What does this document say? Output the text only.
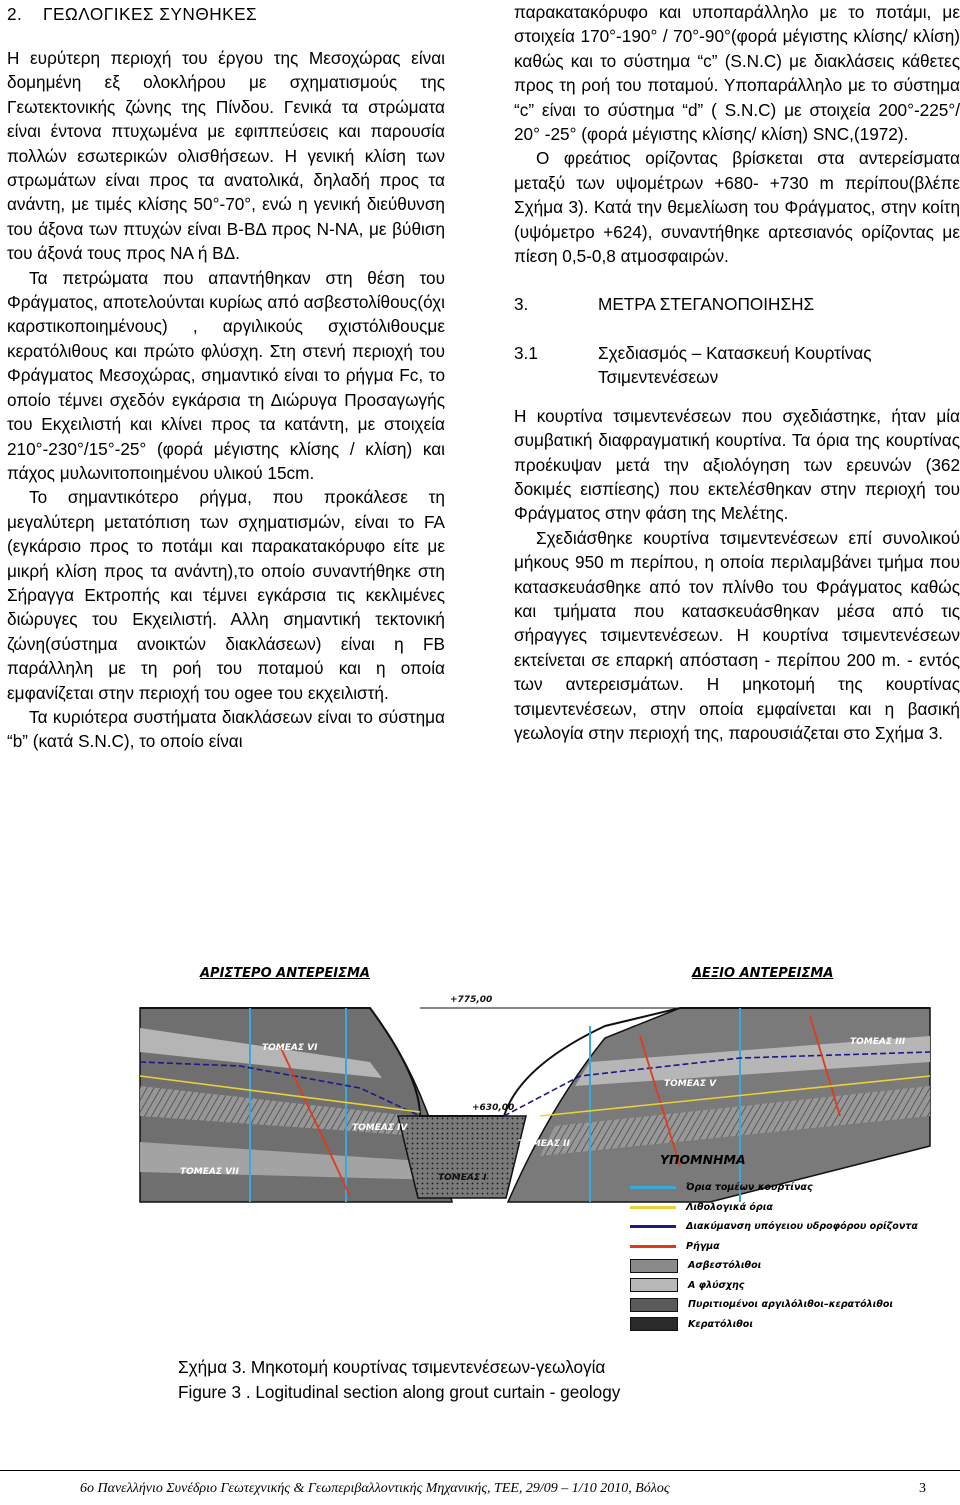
2. ΓΕΩΛΟΓΙΚΕΣ ΣΥΝΘΗΚΕΣ

Η ευρύτερη περιοχή του έργου της Μεσοχώρας είναι δομημένη εξ ολοκλήρου με σχηματισμούς της Γεωτεκτονικής ζώνης της Πίνδου. Γενικά τα στρώματα είναι έντονα πτυχωμένα με εφιππεύσεις και παρουσία πολλών εσωτερικών ολισθήσεων. Η γενική κλίση των στρωμάτων είναι προς τα ανατολικά, δηλαδή προς τα ανάντη, με τιμές κλίσης 50°-70°, ενώ η γενική διεύθυνση του άξονα των πτυχών είναι Β-ΒΔ προς Ν-ΝΑ, με βύθιση του άξονά τους προς ΝΑ ή ΒΔ.

Τα πετρώματα που απαντήθηκαν στη θέση του Φράγματος, αποτελούνται κυρίως από ασβεστολίθους(όχι καρστικοποιημένους) , αργιλικούς σχιστόλιθουςμε κερατόλιθους και πρώτο φλύσχη. Στη στενή περιοχή του Φράγματος Μεσοχώρας, σημαντικό είναι το ρήγμα Fc, το οποίο τέμνει σχεδόν εγκάρσια τη Διώρυγα Προσαγωγής του Εκχειλιστή και κλίνει προς τα κατάντη, με στοιχεία 210°-230°/15°-25° (φορά μέγιστης κλίσης / κλίση) και πάχος μυλωνιτοποιημένου υλικού 15cm.

Το σημαντικότερο ρήγμα, που προκάλεσε τη μεγαλύτερη μετατόπιση των σχηματισμών, είναι το FA (εγκάρσιο προς το ποτάμι και παρακατακόρυφο είτε με μικρή κλίση προς τα ανάντη),το οποίο συναντήθηκε στη Σήραγγα Εκτροπής και τέμνει εγκάρσια τις κεκλιμένες διώρυγες του Εκχειλιστή. Αλλη σημαντική τεκτονική ζώνη(σύστημα ανοικτών διακλάσεων) είναι η FB παράλληλη με τη ροή του ποταμού και η οποία εμφανίζεται στην περιοχή του ogee του εκχειλιστή.

Τα κυριότερα συστήματα διακλάσεων είναι το σύστημα “b” (κατά S.N.C), το οποίο είναι

παρακατακόρυφο και υποπαράλληλο με το ποτάμι, με στοιχεία 170°-190° / 70°-90°(φορά μέγιστης κλίσης/ κλίση) καθώς και το σύστημα “c” (S.N.C) με διακλάσεις κάθετες προς τη ροή του ποταμού. Υποπαράλληλο με το σύστημα “c” είναι το σύστημα “d” ( S.N.C) με στοιχεία 200°-225°/ 20° -25° (φορά μέγιστης κλίσης/ κλίση) SNC,(1972).

Ο φρεάτιος ορίζοντας βρίσκεται στα αντερείσματα μεταξύ των υψομέτρων +680- +730 m περίπου(βλέπε Σχήμα 3). Κατά την θεμελίωση του Φράγματος, στην κοίτη (υψόμετρο +624), συναντήθηκε αρτεσιανός ορίζοντας με πίεση 0,5-0,8 ατμοσφαιρών.

3.	ΜΕΤΡΑ ΣΤΕΓΑΝΟΠΟΙΗΣΗΣ
3.1	Σχεδιασμός – Κατασκευή Κουρτίνας Τσιμεντενέσεων

Η κουρτίνα τσιμεντενέσεων που σχεδιάστηκε, ήταν μία συμβατική διαφραγματική κουρτίνα. Τα όρια της κουρτίνας προέκυψαν μετά την αξιολόγηση των ερευνών (362 δοκιμές εισπίεσης) που εκτελέσθηκαν στην περιοχή του Φράγματος στην φάση της Μελέτης.

Σχεδιάσθηκε κουρτίνα τσιμεντενέσεων επί συνολικού μήκους 950 m περίπου, η οποία περιλαμβάνει τμήμα που κατασκευάσθηκε από τον πλίνθο του Φράγματος καθώς και τμήματα που κατασκευάσθηκαν μέσα από τις σήραγγες τσιμεντενέσεων. Η κουρτίνα τσιμεντενέσεων εκτείνεται σε επαρκή απόσταση - περίπου 200 m. - εντός των αντερεισμάτων. Η μηκοτομή της κουρτίνας τσιμεντενέσεων, στην οποία εμφαίνεται και η βασική γεωλογία στην περιοχή της, παρουσιάζεται στο Σχήμα 3.

ΑΡΙΣΤΕΡΟ ΑΝΤΕΡΕΙΣΜΑ	ΔΕΞΙΟ ΑΝΤΕΡΕΙΣΜΑ
ΤΟΜΕΑΣ VI
ΤΟΜΕΑΣ VII
ΤΟΜΕΑΣ IV
ΤΟΜΕΑΣ I
ΤΟΜΕΑΣ II
ΤΟΜΕΑΣ V
ΤΟΜΕΑΣ III
+775,00
+630,00
ΥΠΟΜΝΗΜΑ
Όρια τομέων κουρτίνας
Λιθολογικά όρια
Διακύμανση υπόγειου υδροφόρου ορίζοντα
Ρήγμα
Ασβεστόλιθοι
Α φλύσχης
Πυριτιομένοι αργιλόλιθοι–κερατόλιθοι
Κερατόλιθοι
Σχήμα 3. Μηκοτομή κουρτίνας τσιμεντενέσεων-γεωλογία
Figure 3 . Logitudinal section along grout curtain - geology
6ο Πανελλήνιο Συνέδριο Γεωτεχνικής & Γεωπεριβαλλοντικής Μηχανικής, ΤΕΕ, 29/09 – 1/10 2010, Βόλος	3
